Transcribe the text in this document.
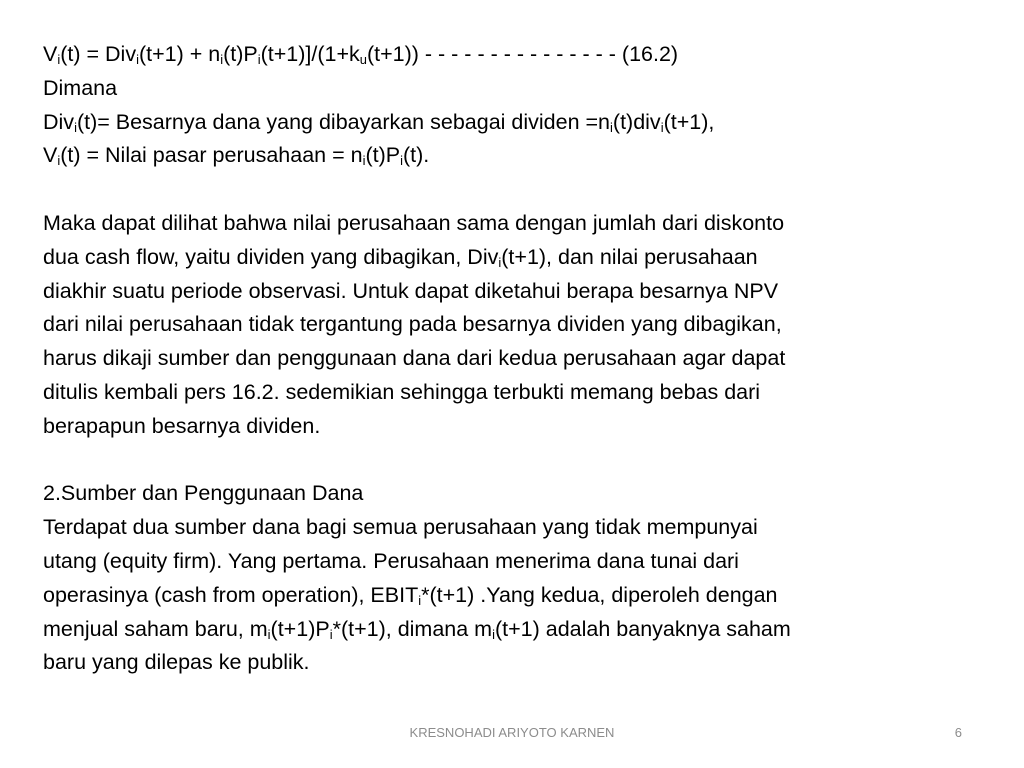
$V_i(t) = Div_i(t+1) + n_i(t)P_i(t+1)]/(1+k_u(t+1))$ - - - - - - - - - - - - - - - (16.2)
Dimana
Div$_i$(t)= Besarnya dana yang dibayarkan sebagai dividen $=n_i(t)div_i(t+1)$,
$V_i(t)$ = Nilai pasar perusahaan = $n_i(t)P_i(t)$.
Maka dapat dilihat bahwa nilai perusahaan sama dengan jumlah dari diskonto
dua cash flow, yaitu dividen yang dibagikan, Div$_i$(t+1), dan nilai perusahaan
diakhir suatu periode observasi. Untuk dapat diketahui berapa besarnya NPV
dari nilai perusahaan tidak tergantung pada besarnya dividen yang dibagikan,
harus dikaji sumber dan penggunaan dana dari kedua perusahaan agar dapat
ditulis kembali pers 16.2. sedemikian sehingga terbukti memang bebas dari
berapapun besarnya dividen.
2.Sumber dan Penggunaan Dana
Terdapat dua sumber dana bagi semua perusahaan yang tidak mempunyai
utang (equity firm). Yang pertama. Perusahaan menerima dana tunai dari
operasinya (cash from operation), $EBIT_i*(t+1)$ .Yang kedua, diperoleh dengan
menjual saham baru, $m_i(t+1)P_i*(t+1)$, dimana $m_i(t+1)$ adalah banyaknya saham
baru yang dilepas ke publik.
KRESNOHADI ARIYOTO KARNEN	6
